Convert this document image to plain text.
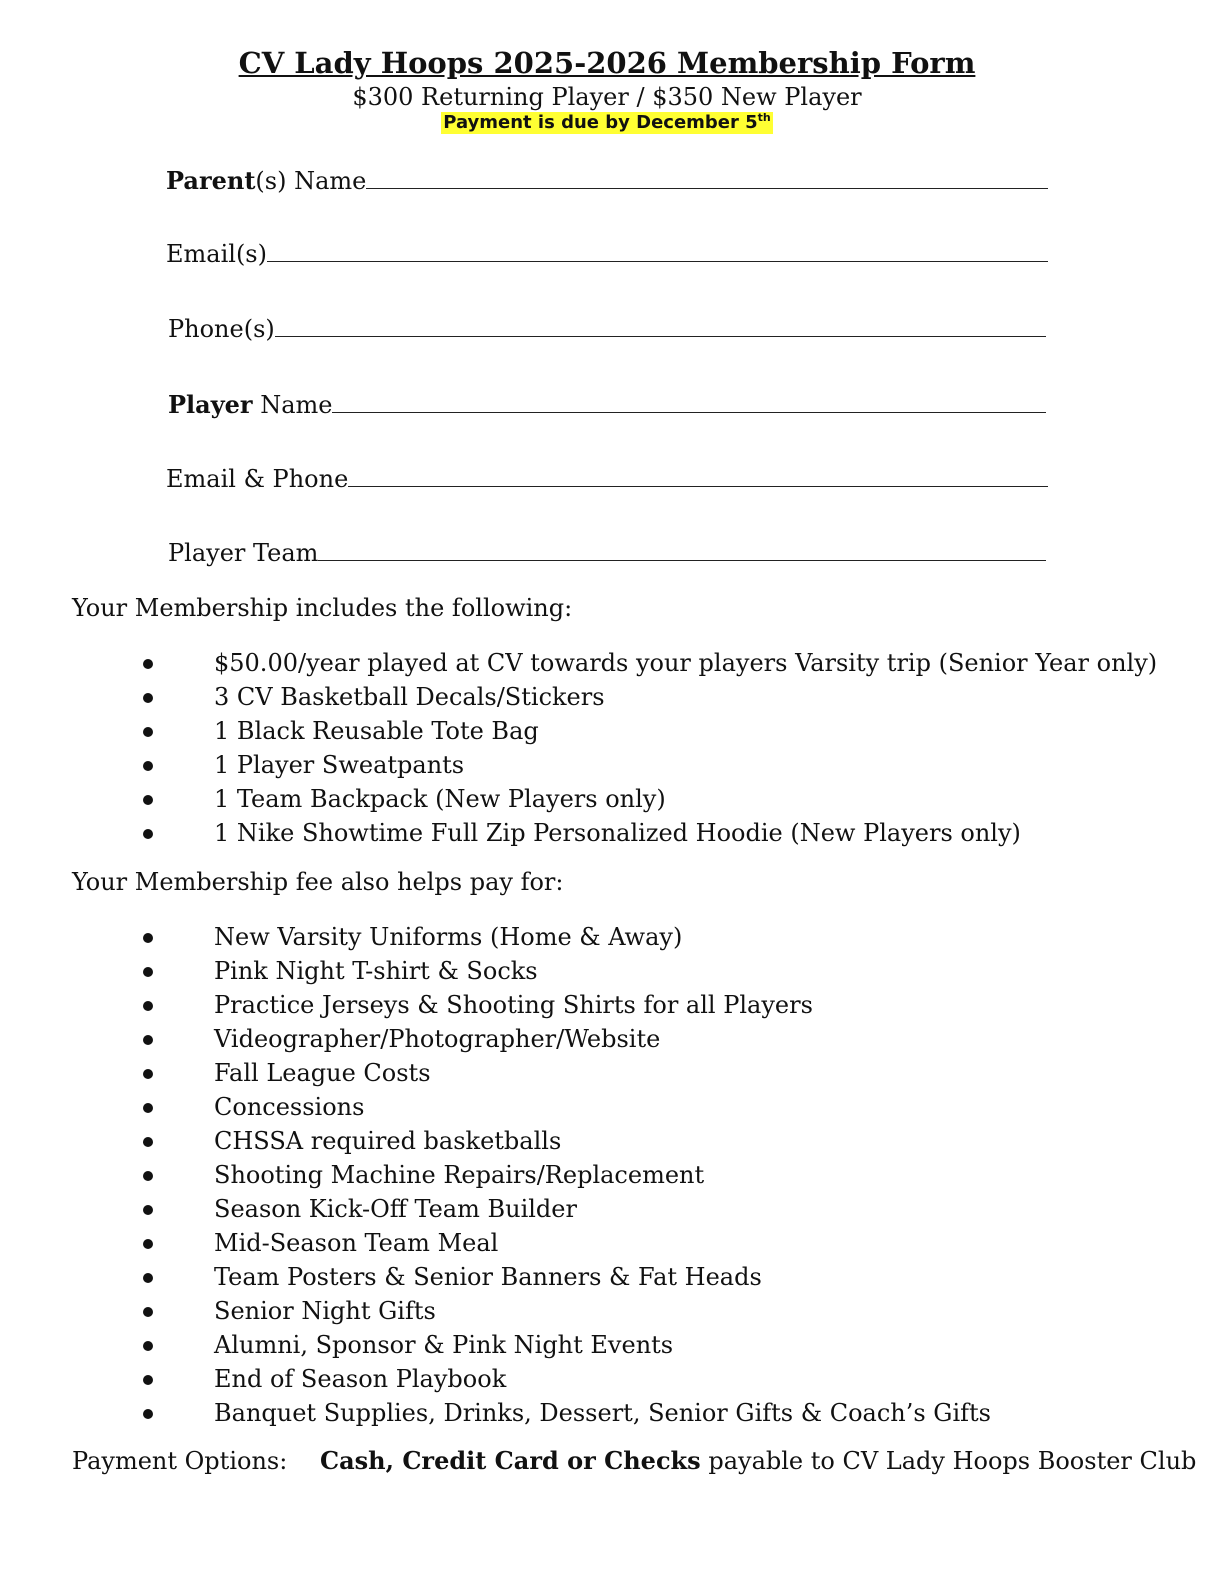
CV Lady Hoops 2025-2026 Membership Form
$300 Returning Player / $350 New Player
Payment is due by December 5th
Parent(s) Name
Email(s)
Phone(s)
Player Name
Email & Phone
Player Team
Your Membership includes the following:
$50.00/year played at CV towards your players Varsity trip (Senior Year only)
3 CV Basketball Decals/Stickers
1 Black Reusable Tote Bag
1 Player Sweatpants
1 Team Backpack (New Players only)
1 Nike Showtime Full Zip Personalized Hoodie (New Players only)
Your Membership fee also helps pay for:
New Varsity Uniforms (Home & Away)
Pink Night T-shirt & Socks
Practice Jerseys & Shooting Shirts for all Players
Videographer/Photographer/Website
Fall League Costs
Concessions
CHSSA required basketballs
Shooting Machine Repairs/Replacement
Season Kick-Off Team Builder
Mid-Season Team Meal
Team Posters & Senior Banners & Fat Heads
Senior Night Gifts
Alumni, Sponsor & Pink Night Events
End of Season Playbook
Banquet Supplies, Drinks, Dessert, Senior Gifts & Coach’s Gifts
Payment Options: Cash, Credit Card or Checks payable to CV Lady Hoops Booster Club
